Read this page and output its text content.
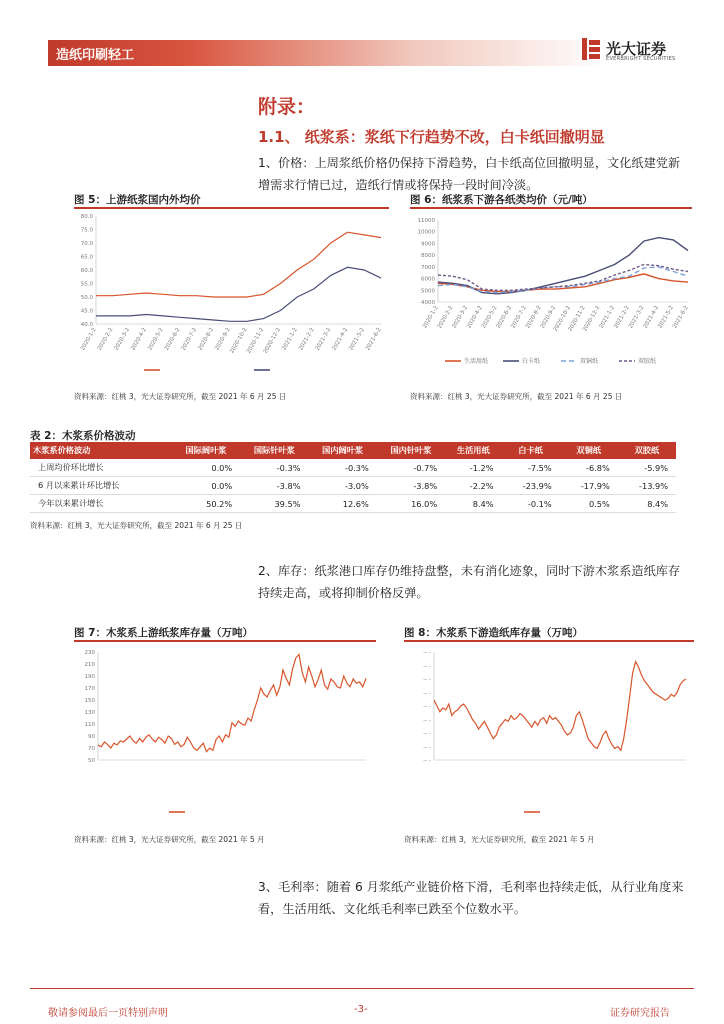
造纸印刷轻工	光大证券
EVERBRIGHT SECURITIES
附录：
1.1、 纸浆系：浆纸下行趋势不改，白卡纸回撤明显
1、价格：上周浆纸价格仍保持下滑趋势，白卡纸高位回撤明显，文化纸建党新增需求行情已过，造纸行情或将保持一段时间冷淡。
图 5：上游纸浆国内外均价
80.0
75.0
70.0
65.0
60.0
55.0
50.0
45.0
40.0
2020-1-2 2020-2-2 2020-3-2 2020-4-2 2020-5-2 2020-6-2 2020-7-2 2020-8-2 2020-9-2
2020-10-2
2020-11-2
2020-12-2 2021-1-2 2021-2-2 2021-3-2 2021-4-2 2021-5-2 2021-6-2
资料来源：红桃 3，光大证券研究所，截至 2021 年 6 月 25 日
图 6：纸浆系下游各纸类均价（元/吨）
11000
10000
9000
8000
7000
6000
5000
4000
2020-1-2
2020-2-2
2020-3-2
2020-4-2
2020-5-2
2020-6-2
2020-7-2
2020-8-2
2020-9-2
2020-10-2
2020-11-2
2020-12-2
2021-1-2
2021-2-2
2021-3-2
2021-4-2
2021-5-2
2021-6-2
生活用纸	白卡纸	双铜纸	双胶纸
资料来源：红桃 3，光大证券研究所，截至 2021 年 6 月 25 日
表 2：木浆系价格波动
木浆系价格波动	国际阔叶浆	国际针叶浆	国内阔叶浆	国内针叶浆	生活用纸	白卡纸	双铜纸	双胶纸
上周均价环比增长	0.0%	-0.3%	-0.3%	-0.7%	-1.2%	-7.5%	-6.8%	-5.9%
6 月以来累计环比增长	0.0%	-3.8%	-3.0%	-3.8%	-2.2%	-23.9%	-17.9%	-13.9%
今年以来累计增长	50.2%	39.5%	12.6%	16.0%	8.4%	-0.1%	0.5%	8.4%
资料来源：红桃 3，光大证券研究所，截至 2021 年 6 月 25 日
2、库存：纸浆港口库存仍维持盘整，未有消化迹象，同时下游木浆系造纸库存持续走高，或将抑制价格反弹。
图 7：木浆系上游纸浆库存量（万吨）
230
210
190
170
150
130
110
90
70
50
资料来源：红桃 3，光大证券研究所，截至 2021 年 5 月
图 8：木浆系下游造纸库存量（万吨）
-- -
-- -
-- -
-- -
-- -
-- -
-- -
-- -
-- -
资料来源：红桃 3，光大证券研究所，截至 2021 年 5 月
3、毛利率：随着 6 月浆纸产业链价格下滑，毛利率也持续走低，从行业角度来看，生活用纸、文化纸毛利率已跌至个位数水平。
敬请参阅最后一页特别声明	-3-	证券研究报告
